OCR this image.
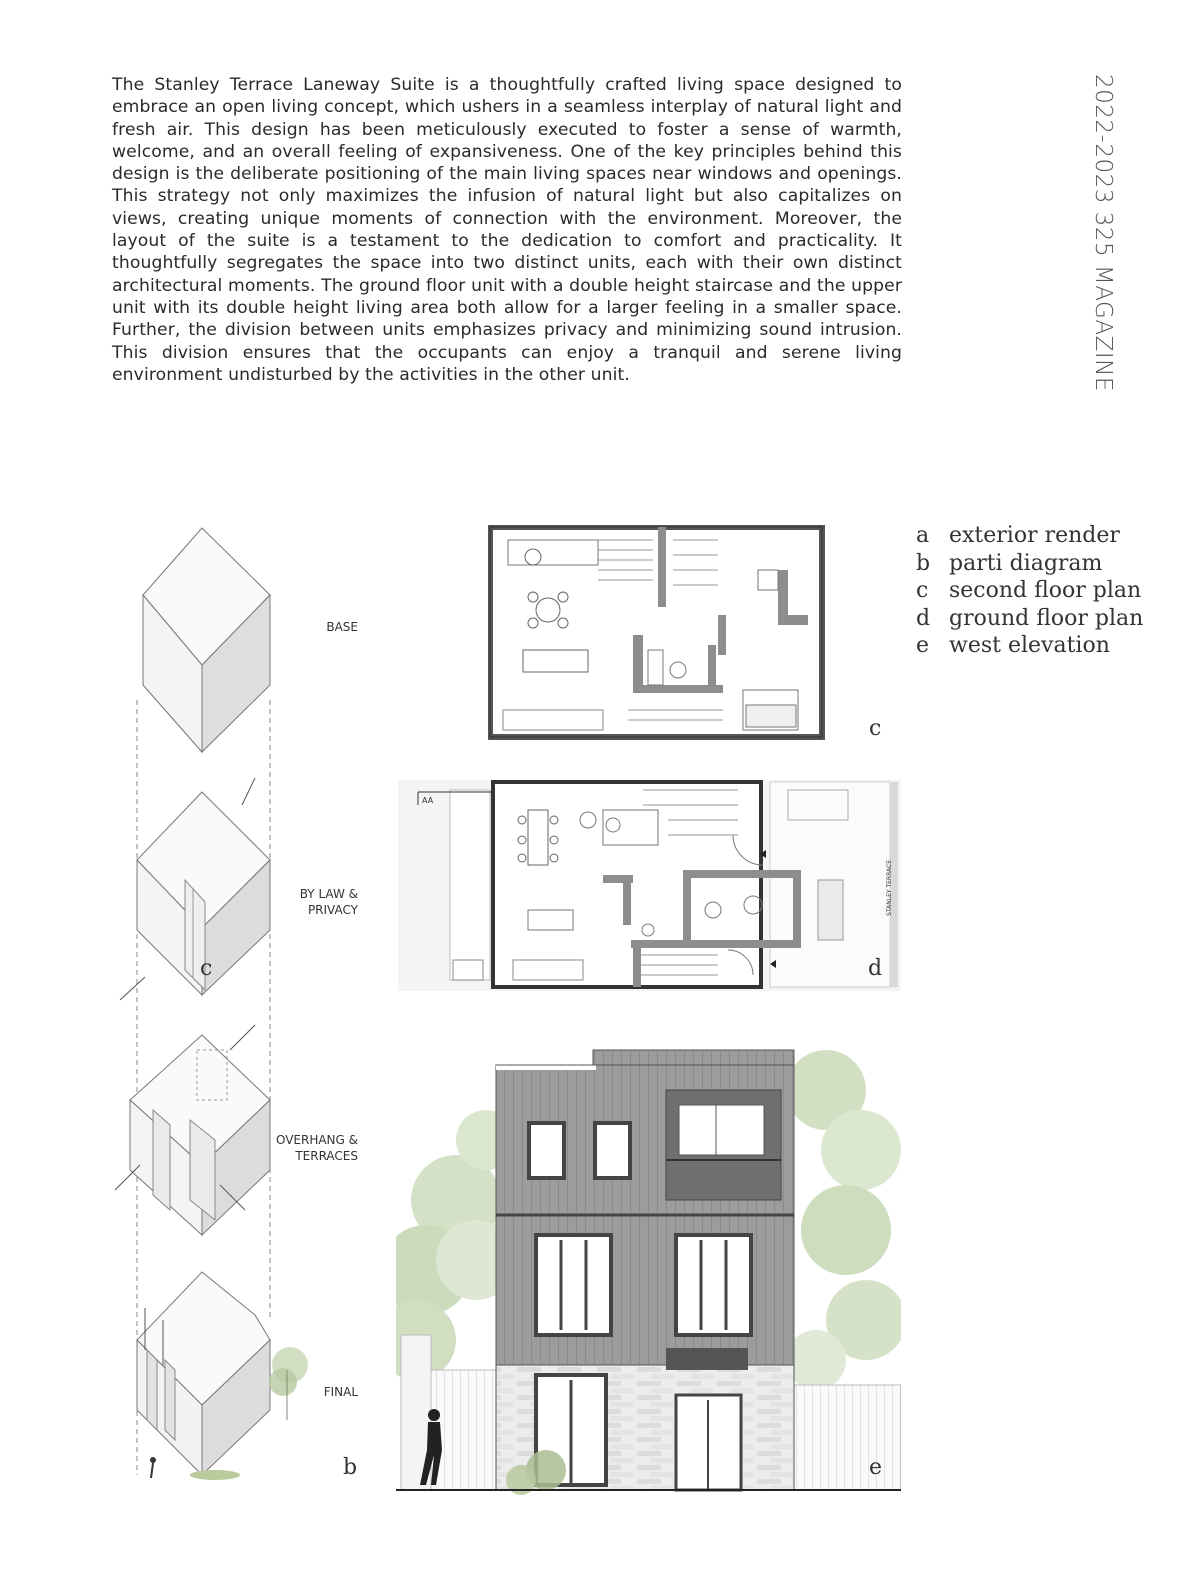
The Stanley Terrace Laneway Suite is a thoughtfully crafted living space designed to embrace an open living concept, which ushers in a seamless interplay of natural light and fresh air. This design has been meticulously executed to foster a sense of warmth, welcome, and an overall feeling of expansiveness. One of the key principles behind this design is the deliberate positioning of the main living spaces near windows and openings. This strategy not only maximizes the infusion of natural light but also capitalizes on views, creating unique moments of connection with the environment. Moreover, the layout of the suite is a testament to the dedication to comfort and practicality. It thoughtfully segregates the space into two distinct units, each with their own distinct architectural moments. The ground floor unit with a double height staircase and the upper unit with its double height living area both allow for a larger feeling in a smaller space. Further, the division between units emphasizes privacy and minimizing sound intrusion. This division ensures that the occupants can enjoy a tranquil and serene living environment undisturbed by the activities in the other unit.	2022-2023 325 MAGAZINE
a exterior render
b parti diagram
c second floor plan
d ground floor plan
e west elevation
BASE
BY LAW & PRIVACY
OVERHANG & TERRACES
FINAL
c
b
c
AA
STANLEY TERRACE
d
e
